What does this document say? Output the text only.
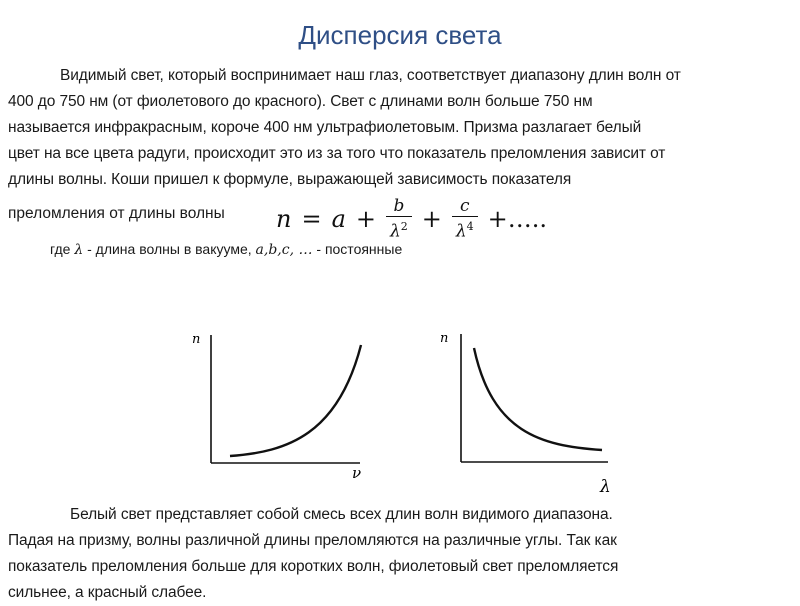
Дисперсия света

Видимый свет, который воспринимает наш глаз, соответствует диапазону длин волн от
400 до 750 нм (от фиолетового до красного). Свет с длинами волн больше 750 нм
называется инфракрасным, короче 400 нм ультрафиолетовым. Призма разлагает белый
цвет на все цвета радуги, происходит это из за того что показатель преломления зависит от
длины волны. Коши пришел к формуле, выражающей зависимость показателя

преломления от длины волны $n = a + \frac{b}{\lambda^2} + \frac{c}{\lambda^4}$ +…..
где λ - длина волны в вакууме, a,b,c, … - постоянные
n
ν
n
λ

Белый свет представляет собой смесь всех длин волн видимого диапазона.
Падая на призму, волны различной длины преломляются на различные углы. Так как
показатель преломления больше для коротких волн, фиолетовый свет преломляется
сильнее, а красный слабее.
